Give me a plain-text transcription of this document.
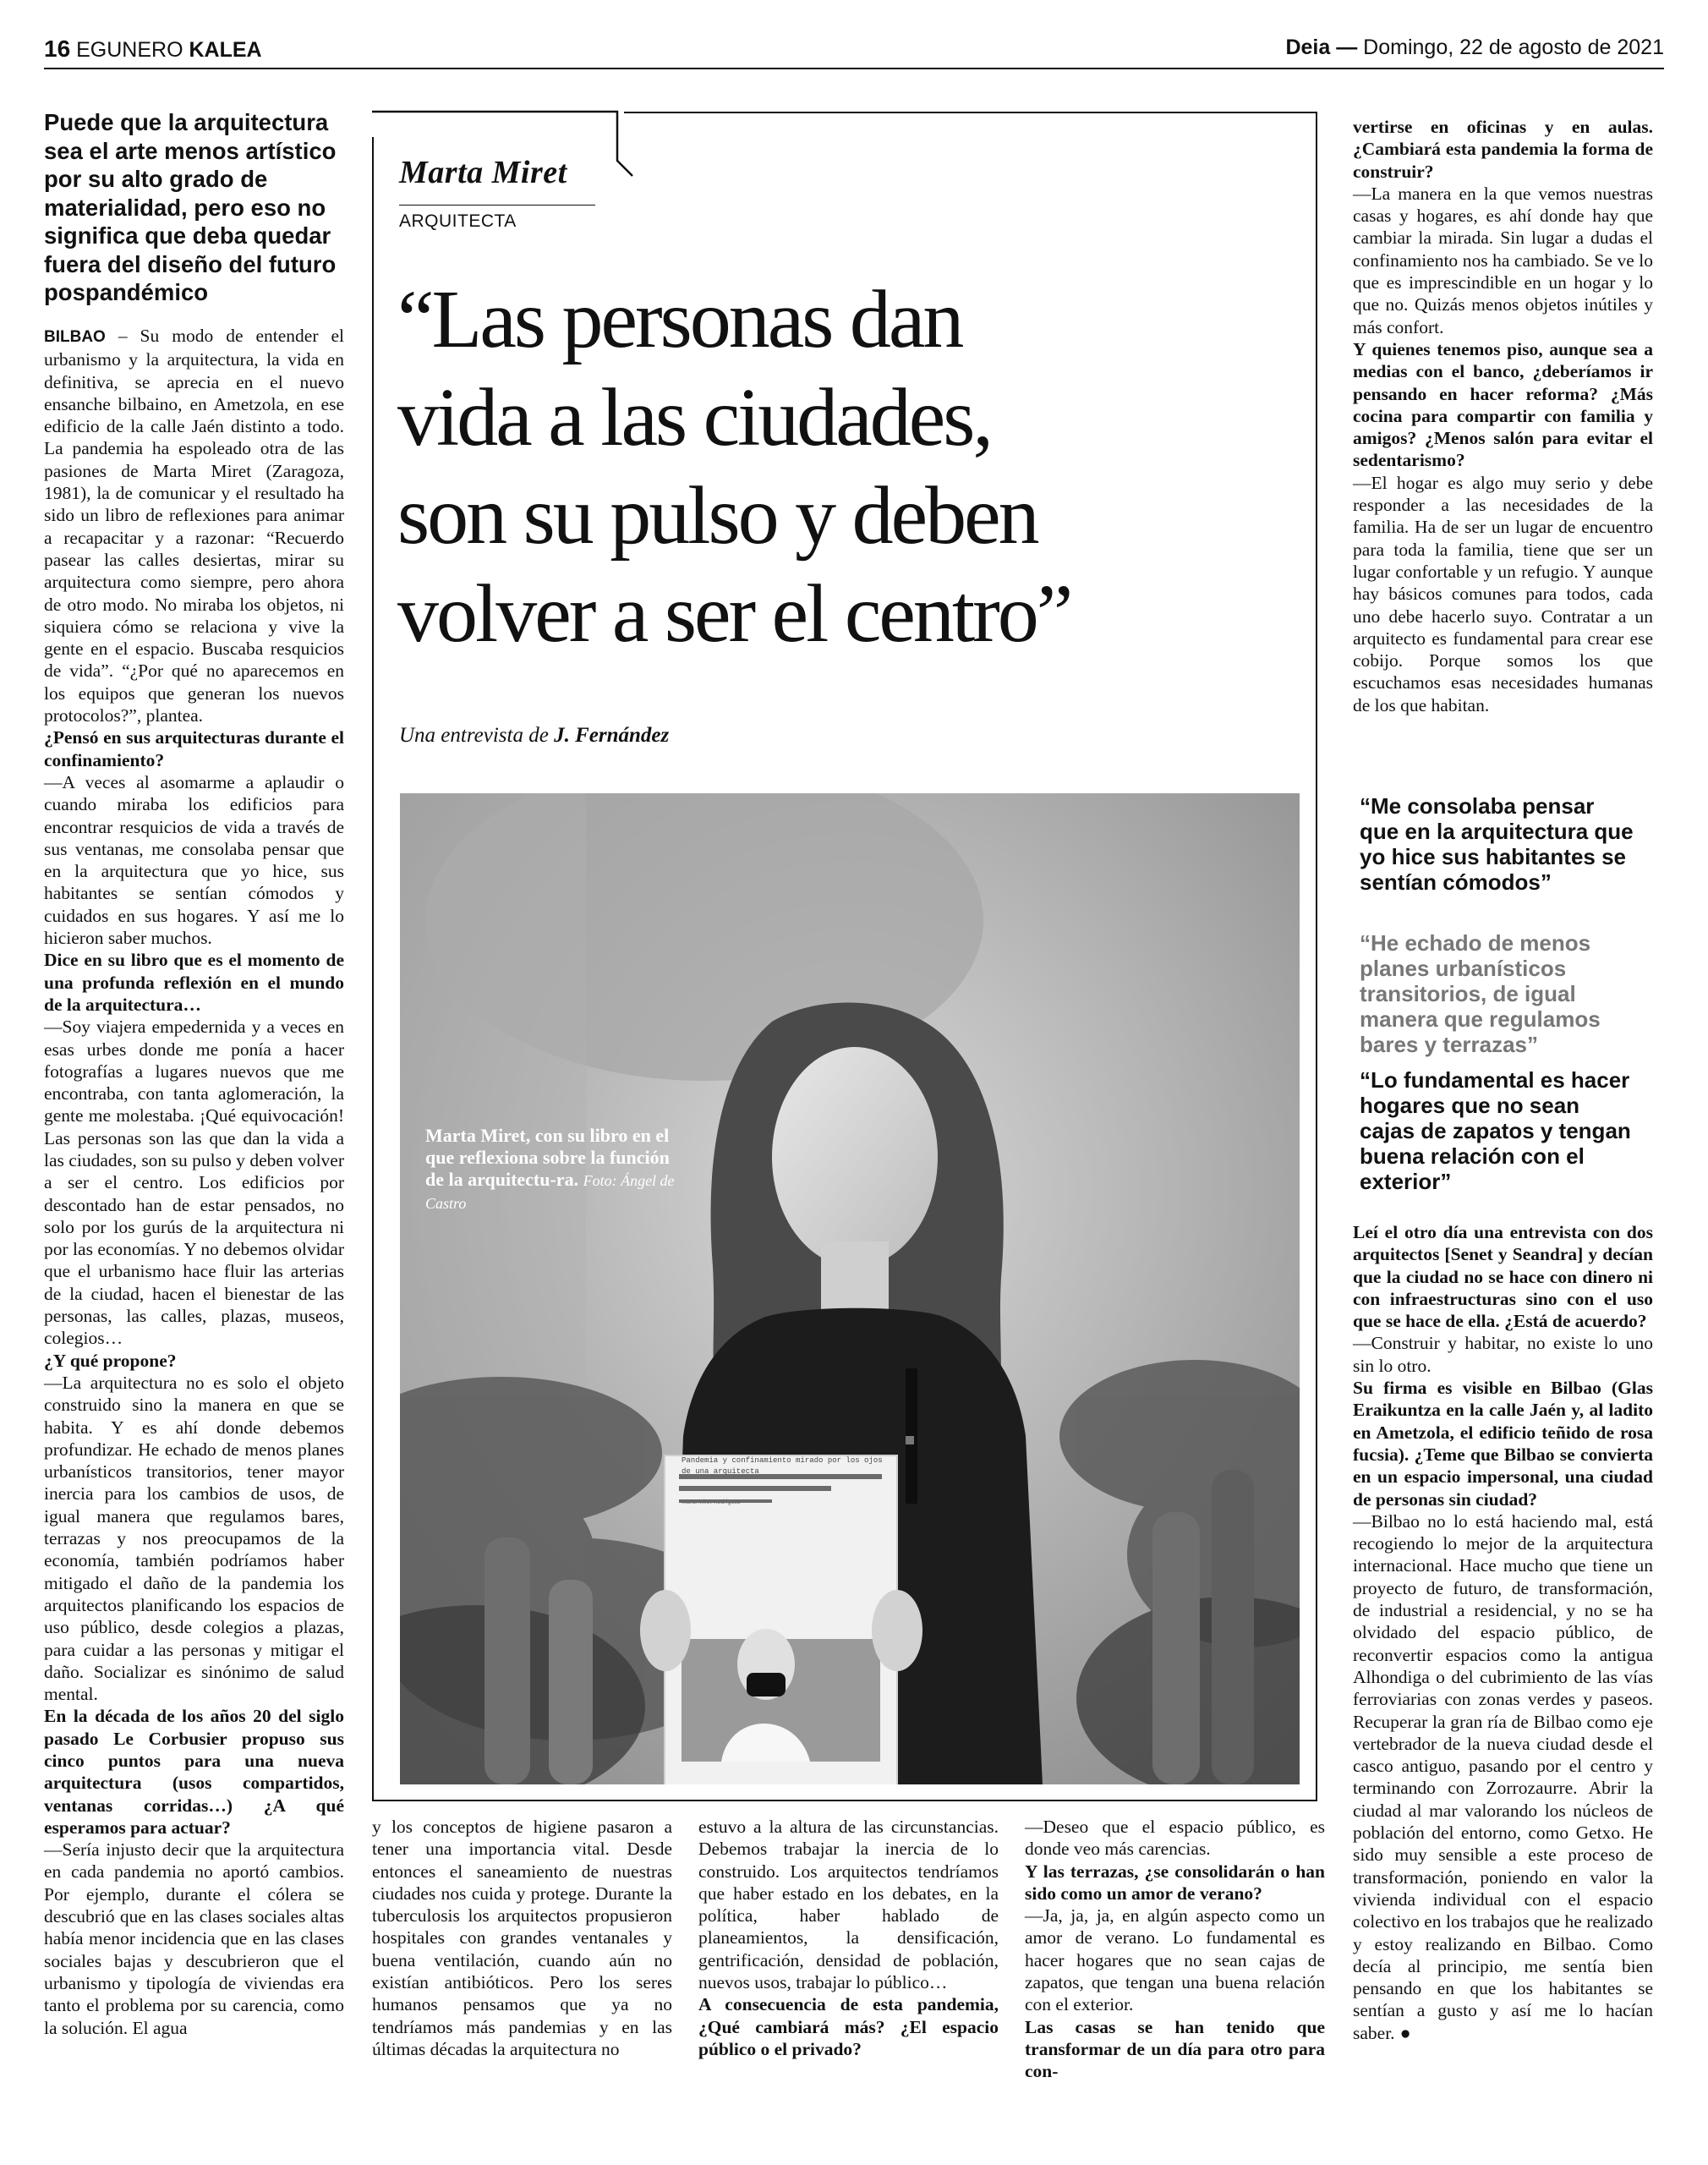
16 EGUNERO KALEA	Deia — Domingo, 22 de agosto de 2021
Puede que la arquitectura sea el arte menos artístico por su alto grado de materialidad, pero eso no significa que deba quedar fuera del diseño del futuro pospandémico

BILBAO – Su modo de entender el urbanismo y la arquitectura, la vida en definitiva, se aprecia en el nuevo ensanche bilbaino, en Ametzola, en ese edificio de la calle Jaén distinto a todo. La pandemia ha espoleado otra de las pasiones de Marta Miret (Zaragoza, 1981), la de comunicar y el resultado ha sido un libro de reflexiones para animar a recapacitar y a razonar: “Recuerdo pasear las calles desiertas, mirar su arquitectura como siempre, pero ahora de otro modo. No miraba los objetos, ni siquiera cómo se relaciona y vive la gente en el espacio. Buscaba resquicios de vida”. “¿Por qué no aparecemos en los equipos que generan los nuevos protocolos?”, plantea.

¿Pensó en sus arquitecturas durante el confinamiento?

—A veces al asomarme a aplaudir o cuando miraba los edificios para encontrar resquicios de vida a través de sus ventanas, me consolaba pensar que en la arquitectura que yo hice, sus habitantes se sentían cómodos y cuidados en sus hogares. Y así me lo hicieron saber muchos.

Dice en su libro que es el momento de una profunda reflexión en el mundo de la arquitectura…

—Soy viajera empedernida y a veces en esas urbes donde me ponía a hacer fotografías a lugares nuevos que me encontraba, con tanta aglomeración, la gente me molestaba. ¡Qué equivocación! Las personas son las que dan la vida a las ciudades, son su pulso y deben volver a ser el centro. Los edificios por descontado han de estar pensados, no solo por los gurús de la arquitectura ni por las economías. Y no debemos olvidar que el urbanismo hace fluir las arterias de la ciudad, hacen el bienestar de las personas, las calles, plazas, museos, colegios…

¿Y qué propone?

—La arquitectura no es solo el objeto construido sino la manera en que se habita. Y es ahí donde debemos profundizar. He echado de menos planes urbanísticos transitorios, tener mayor inercia para los cambios de usos, de igual manera que regulamos bares, terrazas y nos preocupamos de la economía, también podríamos haber mitigado el daño de la pandemia los arquitectos planificando los espacios de uso público, desde colegios a plazas, para cuidar a las personas y mitigar el daño. Socializar es sinónimo de salud mental.

En la década de los años 20 del siglo pasado Le Corbusier propuso sus cinco puntos para una nueva arquitectura (usos compartidos, ventanas corridas…) ¿A qué esperamos para actuar?

—Sería injusto decir que la arquitectura en cada pandemia no aportó cambios. Por ejemplo, durante el cólera se descubrió que en las clases sociales altas había menor incidencia que en las clases sociales bajas y descubrieron que el urbanismo y tipología de viviendas era tanto el problema por su carencia, como la solución. El agua

Marta Miret
ARQUITECTA
“Las personas dan
vida a las ciudades,
son su pulso y deben
volver a ser el centro”
Una entrevista de J. Fernández
Marta Miret, con su libro en el que reflexiona sobre la función de la arquitectu-ra. Foto: Ángel de Castro
Pandemia y confinamiento mirado por los ojos de una arquitecta
Marta Miret Rodríguez

y los conceptos de higiene pasaron a tener una importancia vital. Desde entonces el saneamiento de nuestras ciudades nos cuida y protege. Durante la tuberculosis los arquitectos propusieron hospitales con grandes ventanales y buena ventilación, cuando aún no existían antibióticos. Pero los seres humanos pensamos que ya no tendríamos más pandemias y en las últimas décadas la arquitectura no

estuvo a la altura de las circunstancias. Debemos trabajar la inercia de lo construido. Los arquitectos tendríamos que haber estado en los debates, en la política, haber hablado de planeamientos, la densificación, gentrificación, densidad de población, nuevos usos, trabajar lo público…

A consecuencia de esta pandemia, ¿Qué cambiará más? ¿El espacio público o el privado?

—Deseo que el espacio público, es donde veo más carencias.

Y las terrazas, ¿se consolidarán o han sido como un amor de verano?

—Ja, ja, ja, en algún aspecto como un amor de verano. Lo fundamental es hacer hogares que no sean cajas de zapatos, que tengan una buena relación con el exterior.

Las casas se han tenido que transformar de un día para otro para con-

vertirse en oficinas y en aulas. ¿Cambiará esta pandemia la forma de construir?

—La manera en la que vemos nuestras casas y hogares, es ahí donde hay que cambiar la mirada. Sin lugar a dudas el confinamiento nos ha cambiado. Se ve lo que es imprescindible en un hogar y lo que no. Quizás menos objetos inútiles y más confort.

Y quienes tenemos piso, aunque sea a medias con el banco, ¿deberíamos ir pensando en hacer reforma? ¿Más cocina para compartir con familia y amigos? ¿Menos salón para evitar el sedentarismo?

—El hogar es algo muy serio y debe responder a las necesidades de la familia. Ha de ser un lugar de encuentro para toda la familia, tiene que ser un lugar confortable y un refugio. Y aunque hay básicos comunes para todos, cada uno debe hacerlo suyo. Contratar a un arquitecto es fundamental para crear ese cobijo. Porque somos los que escuchamos esas necesidades humanas de los que habitan.

“Me consolaba pensar que en la arquitectura que yo hice sus habitantes se sentían cómodos”
“He echado de menos planes urbanísticos transitorios, de igual manera que regulamos bares y terrazas”
“Lo fundamental es hacer hogares que no sean cajas de zapatos y tengan buena relación con el exterior”

Leí el otro día una entrevista con dos arquitectos [Senet y Seandra] y decían que la ciudad no se hace con dinero ni con infraestructuras sino con el uso que se hace de ella. ¿Está de acuerdo?

—Construir y habitar, no existe lo uno sin lo otro.

Su firma es visible en Bilbao (Glas Eraikuntza en la calle Jaén y, al ladito en Ametzola, el edificio teñido de rosa fucsia). ¿Teme que Bilbao se convierta en un espacio impersonal, una ciudad de personas sin ciudad?

—Bilbao no lo está haciendo mal, está recogiendo lo mejor de la arquitectura internacional. Hace mucho que tiene un proyecto de futuro, de transformación, de industrial a residencial, y no se ha olvidado del espacio público, de reconvertir espacios como la antigua Alhondiga o del cubrimiento de las vías ferroviarias con zonas verdes y paseos. Recuperar la gran ría de Bilbao como eje vertebrador de la nueva ciudad desde el casco antiguo, pasando por el centro y terminando con Zorrozaurre. Abrir la ciudad al mar valorando los núcleos de población del entorno, como Getxo. He sido muy sensible a este proceso de transformación, poniendo en valor la vivienda individual con el espacio colectivo en los trabajos que he realizado y estoy realizando en Bilbao. Como decía al principio, me sentía bien pensando en que los habitantes se sentían a gusto y así me lo hacían saber. ●
